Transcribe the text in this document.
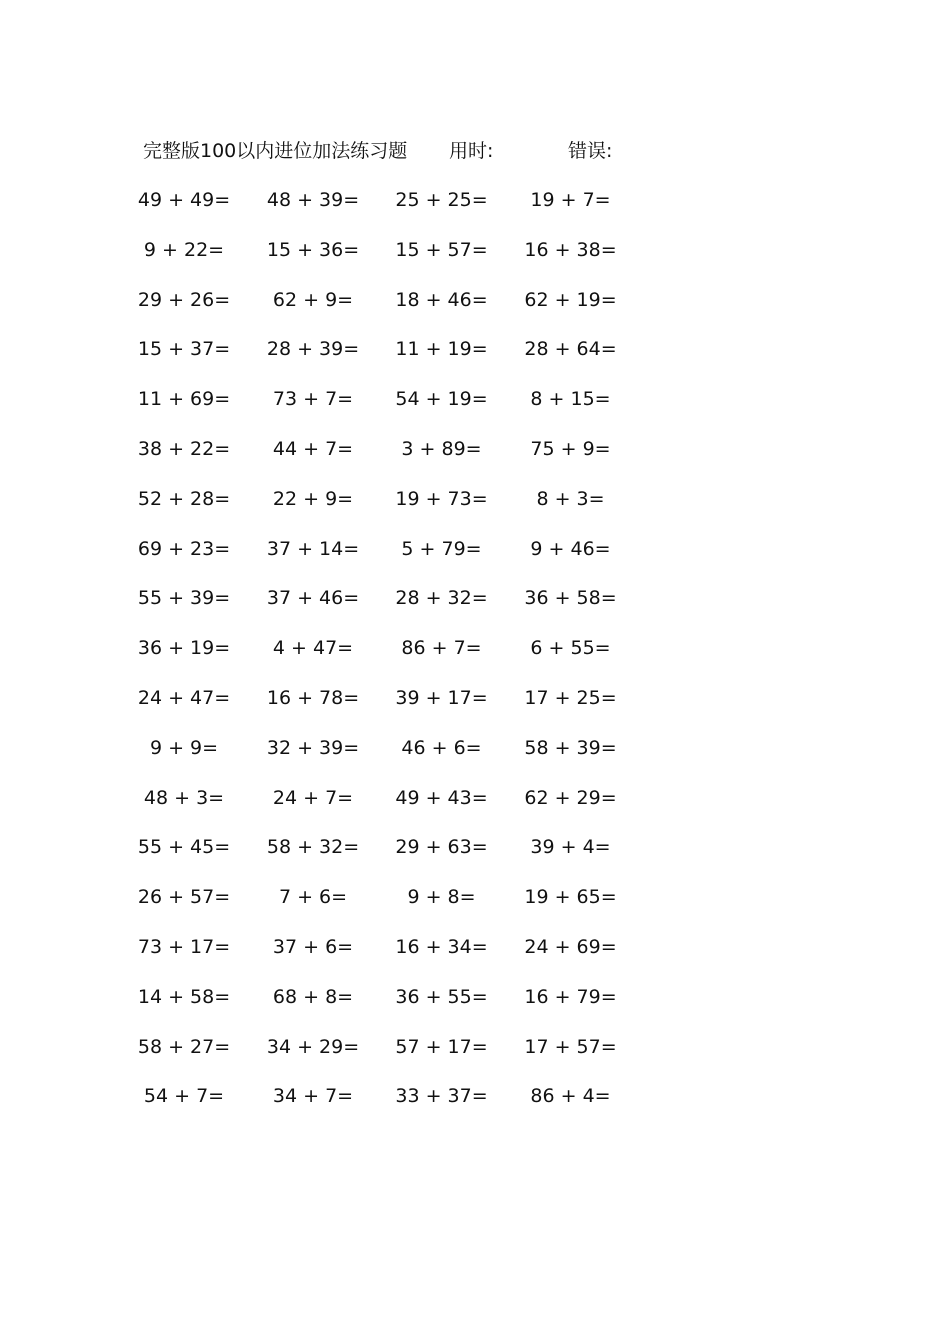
完整版100以内进位加法练习题 用时:	错误:
49 + 49= 48 + 39= 25 + 25= 19 + 7=
9 + 22= 15 + 36= 15 + 57= 16 + 38=
29 + 26= 62 + 9= 18 + 46= 62 + 19=
15 + 37= 28 + 39= 11 + 19= 28 + 64=
11 + 69= 73 + 7= 54 + 19= 8 + 15=
38 + 22= 44 + 7=	3 + 89=	75 + 9=
52 + 28= 22 + 9= 19 + 73=	8 + 3=
69 + 23= 37 + 14= 5 + 79=	9 + 46=
55 + 39= 37 + 46= 28 + 32= 36 + 58=
36 + 19= 4 + 47=	86 + 7=	6 + 55=
24 + 47= 16 + 78= 39 + 17= 17 + 25=
9 + 9=	32 + 39= 46 + 6= 58 + 39=
48 + 3=	24 + 7= 49 + 43= 62 + 29=
55 + 45= 58 + 32= 29 + 63= 39 + 4=
26 + 57=	7 + 6=	9 + 8=	19 + 65=
73 + 17= 37 + 6= 16 + 34= 24 + 69=
14 + 58= 68 + 8= 36 + 55= 16 + 79=
58 + 27= 34 + 29= 57 + 17= 17 + 57=
54 + 7=	34 + 7= 33 + 37= 86 + 4=
